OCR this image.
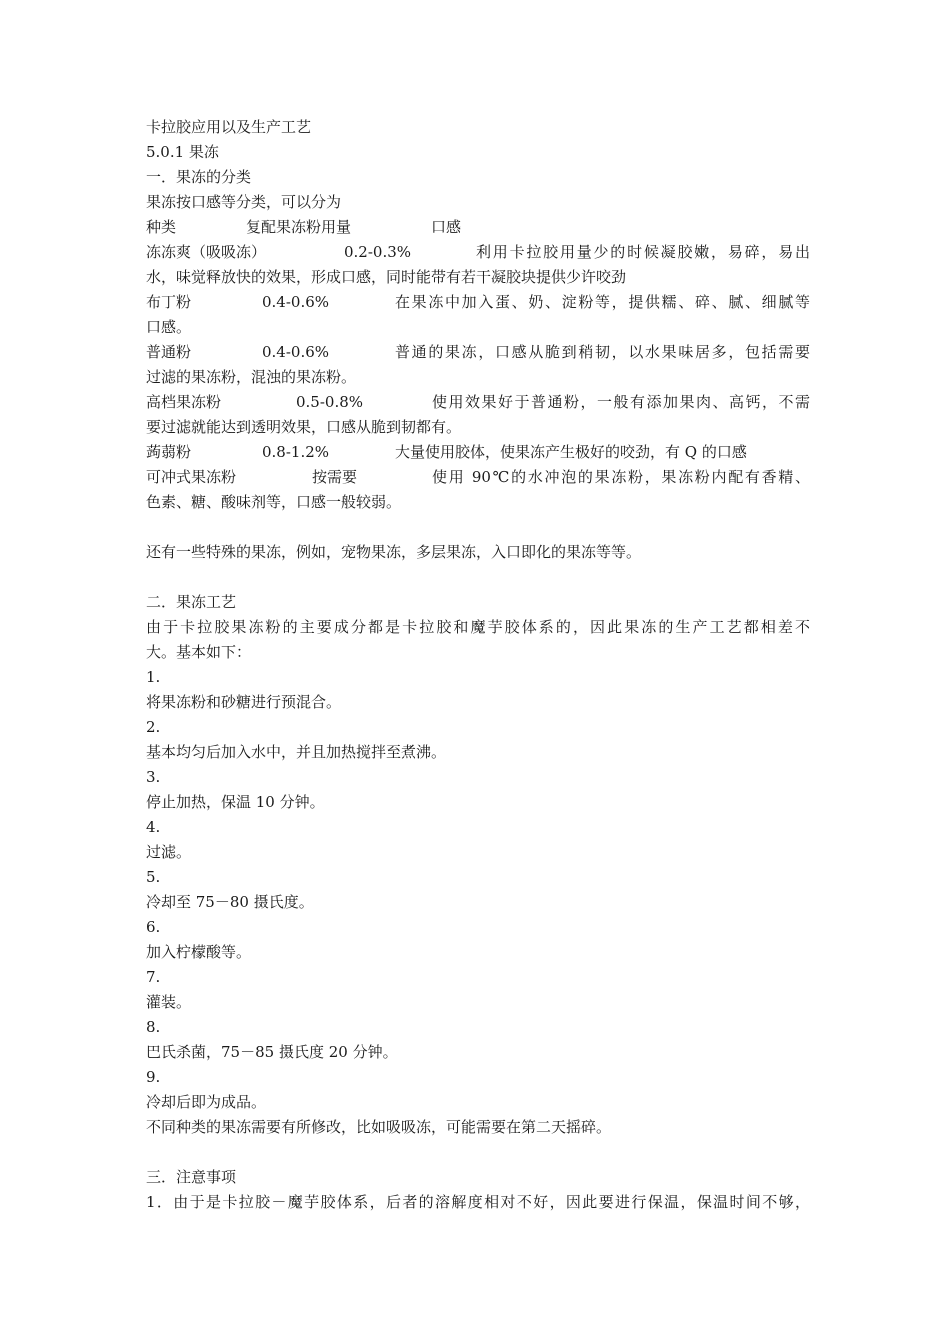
卡拉胶应用以及生产工艺
5.0.1 果冻
一．果冻的分类
果冻按口感等分类，可以分为
种类	复配果冻粉用量	口感
冻冻爽（吸吸冻）	0.2-0.3%	利用卡拉胶用量少的时候凝胶嫩，易碎，易出
水，味觉释放快的效果，形成口感，同时能带有若干凝胶块提供少许咬劲
布丁粉	0.4-0.6%	在果冻中加入蛋、奶、淀粉等，提供糯、碎、腻、细腻等
口感。
普通粉	0.4-0.6%	普通的果冻，口感从脆到稍韧，以水果味居多，包括需要
过滤的果冻粉，混浊的果冻粉。
高档果冻粉	0.5-0.8%	使用效果好于普通粉，一般有添加果肉、高钙，不需
要过滤就能达到透明效果，口感从脆到韧都有。
蒟蒻粉	0.8-1.2%	大量使用胶体，使果冻产生极好的咬劲，有 Q 的口感
可冲式果冻粉	按需要	使用 90℃的水冲泡的果冻粉，果冻粉内配有香精、
色素、糖、酸味剂等，口感一般较弱。
还有一些特殊的果冻，例如，宠物果冻，多层果冻，入口即化的果冻等等。
二．果冻工艺
由于卡拉胶果冻粉的主要成分都是卡拉胶和魔芋胶体系的，因此果冻的生产工艺都相差不
大。基本如下：
1.
将果冻粉和砂糖进行预混合。
2.
基本均匀后加入水中，并且加热搅拌至煮沸。
3.
停止加热，保温 10 分钟。
4.
过滤。
5.
冷却至 75－80 摄氏度。
6.
加入柠檬酸等。
7.
灌装。
8.
巴氏杀菌，75－85 摄氏度 20 分钟。
9.
冷却后即为成品。
不同种类的果冻需要有所修改，比如吸吸冻，可能需要在第二天摇碎。
三．注意事项
1．由于是卡拉胶－魔芋胶体系，后者的溶解度相对不好，因此要进行保温，保温时间不够，
